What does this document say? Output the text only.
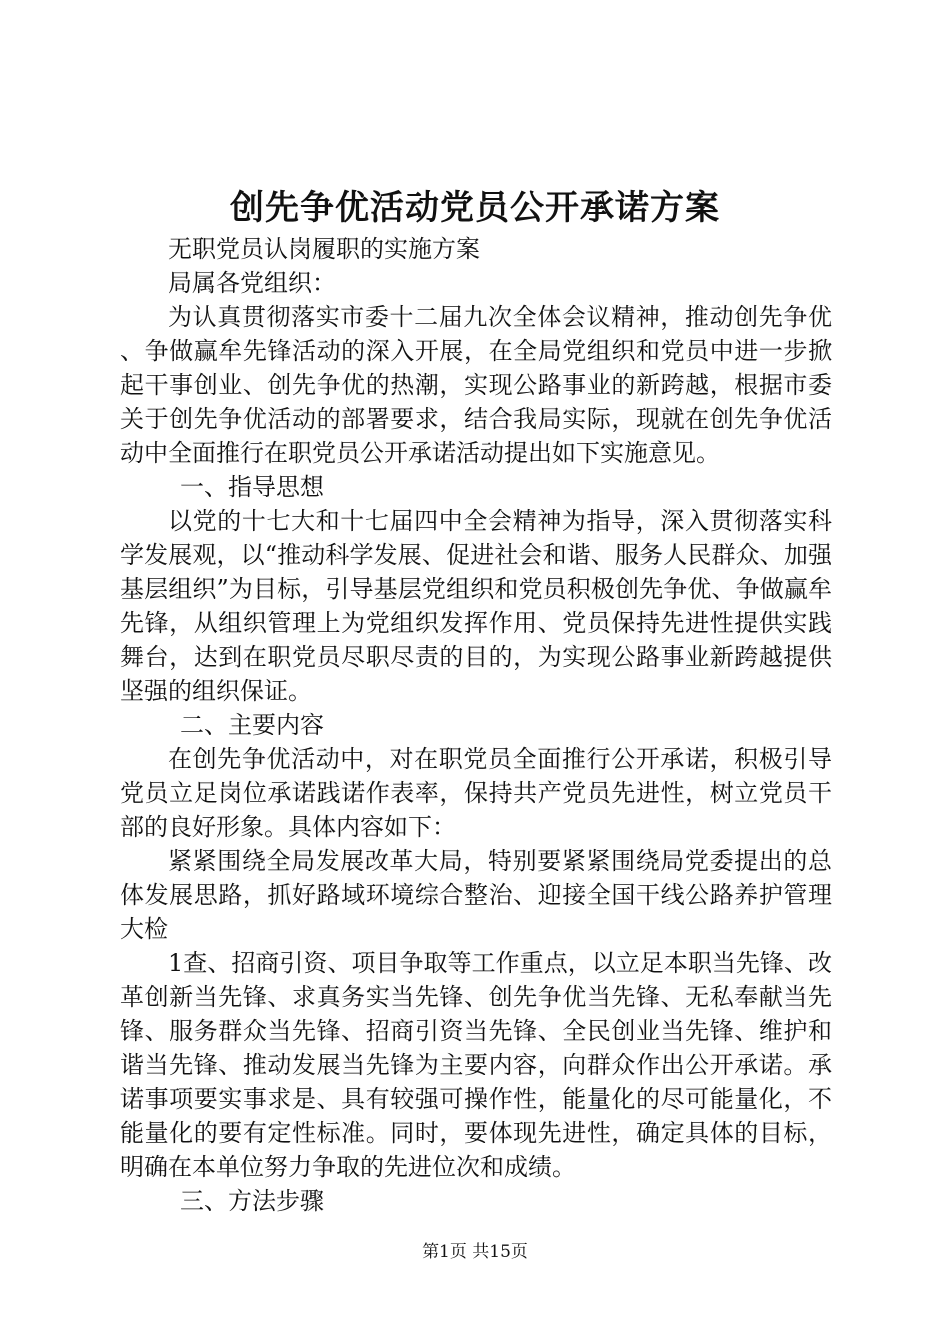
创先争优活动党员公开承诺方案

无职党员认岗履职的实施方案

局属各党组织：

为认真贯彻落实市委十二届九次全体会议精神，推动创先争优、争做赢牟先锋活动的深入开展，在全局党组织和党员中进一步掀起干事创业、创先争优的热潮，实现公路事业的新跨越，根据市委关于创先争优活动的部署要求，结合我局实际，现就在创先争优活动中全面推行在职党员公开承诺活动提出如下实施意见。

一、指导思想

以党的十七大和十七届四中全会精神为指导，深入贯彻落实科学发展观，以“推动科学发展、促进社会和谐、服务人民群众、加强基层组织”为目标，引导基层党组织和党员积极创先争优、争做赢牟先锋，从组织管理上为党组织发挥作用、党员保持先进性提供实践舞台，达到在职党员尽职尽责的目的，为实现公路事业新跨越提供坚强的组织保证。

二、主要内容

在创先争优活动中，对在职党员全面推行公开承诺，积极引导党员立足岗位承诺践诺作表率，保持共产党员先进性，树立党员干部的良好形象。具体内容如下：

紧紧围绕全局发展改革大局，特别要紧紧围绕局党委提出的总体发展思路，抓好路域环境综合整治、迎接全国干线公路养护管理大检

1查、招商引资、项目争取等工作重点，以立足本职当先锋、改革创新当先锋、求真务实当先锋、创先争优当先锋、无私奉献当先锋、服务群众当先锋、招商引资当先锋、全民创业当先锋、维护和谐当先锋、推动发展当先锋为主要内容，向群众作出公开承诺。承诺事项要实事求是、具有较强可操作性，能量化的尽可能量化，不能量化的要有定性标准。同时，要体现先进性，确定具体的目标，明确在本单位努力争取的先进位次和成绩。

三、方法步骤

第1页 共15页
